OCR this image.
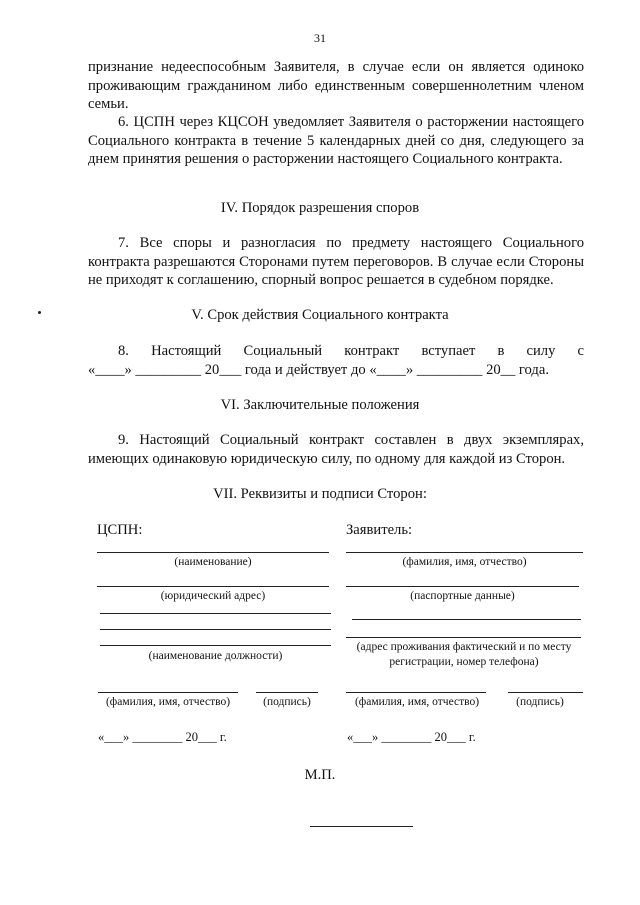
31
признание недееспособным Заявителя, в случае если он является одиноко проживающим гражданином либо единственным совершеннолетним членом семьи.
6. ЦСПН через КЦСОН уведомляет Заявителя о расторжении настоящего Социального контракта в течение 5 календарных дней со дня, следующего за днем принятия решения о расторжении настоящего Социального контракта.
IV. Порядок разрешения споров
7. Все споры и разногласия по предмету настоящего Социального контракта разрешаются Сторонами путем переговоров. В случае если Стороны не приходят к соглашению, спорный вопрос решается в судебном порядке.
V. Срок действия Социального контракта
8. Настоящий Социальный контракт вступает в силу с
«____» _________ 20___ года и действует до «____» _________ 20__ года.
VI. Заключительные положения
9. Настоящий Социальный контракт составлен в двух экземплярах, имеющих одинаковую юридическую силу, по одному для каждой из Сторон.
VII. Реквизиты и подписи Сторон:
ЦСПН:
(наименование)
(юридический адрес)
(наименование должности)
(фамилия, имя, отчество)	(подпись)
«___» ________ 20___ г.
Заявитель:
(фамилия, имя, отчество)
(паспортные данные)
(адрес проживания фактический и по месту регистрации, номер телефона)
(фамилия, имя, отчество)	(подпись)
«___» ________ 20___ г.
М.П.
